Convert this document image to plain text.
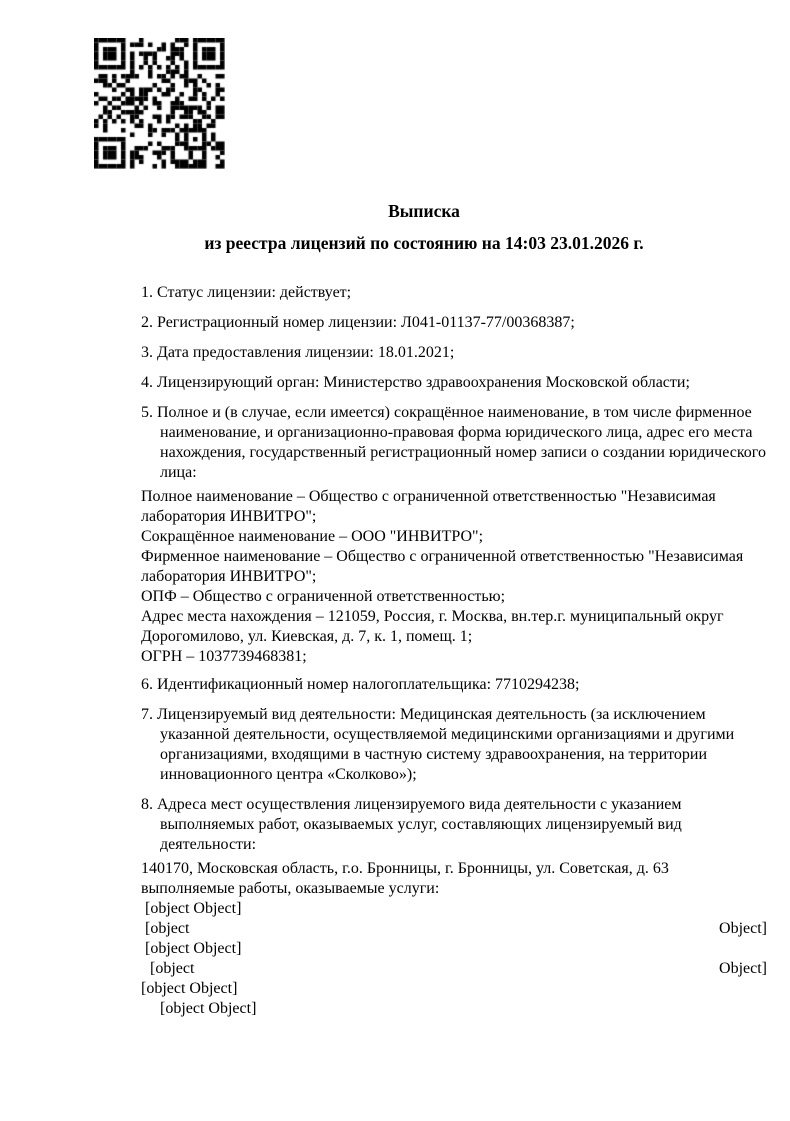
Выписка

из реестра лицензий по состоянию на 14:03 23.01.2026 г.

1. Статус лицензии: действует;

2. Регистрационный номер лицензии: Л041-01137-77/00368387;

3. Дата предоставления лицензии: 18.01.2021;

4. Лицензирующий орган: Министерство здравоохранения Московской области;

5. Полное и (в случае, если имеется) сокращённое наименование, в том числе фирменное наименование, и организационно-правовая форма юридического лица, адрес его места нахождения, государственный регистрационный номер записи о создании юридического лица:

Полное наименование – Общество с ограниченной ответственностью "Независимая лаборатория ИНВИТРО";

Сокращённое наименование – ООО "ИНВИТРО";

Фирменное наименование – Общество с ограниченной ответственностью "Независимая лаборатория ИНВИТРО";

ОПФ – Общество с ограниченной ответственностью;

Адрес места нахождения – 121059, Россия, г. Москва, вн.тер.г. муниципальный округ Дорогомилово, ул. Киевская, д. 7, к. 1, помещ. 1;

ОГРН – 1037739468381;

6. Идентификационный номер налогоплательщика: 7710294238;

7. Лицензируемый вид деятельности: Медицинская деятельность (за исключением указанной деятельности, осуществляемой медицинскими организациями и другими организациями, входящими в частную систему здравоохранения, на территории инновационного центра «Сколково»);

8. Адреса мест осуществления лицензируемого вида деятельности с указанием выполняемых работ, оказываемых услуг, составляющих лицензируемый вид деятельности:

140170, Московская область, г.о. Бронницы, г. Бронницы, ул. Советская, д. 63

выполняемые работы, оказываемые услуги:

[object Object]

[object Object]

[object Object]

[object Object]

[object Object]

[object Object]
